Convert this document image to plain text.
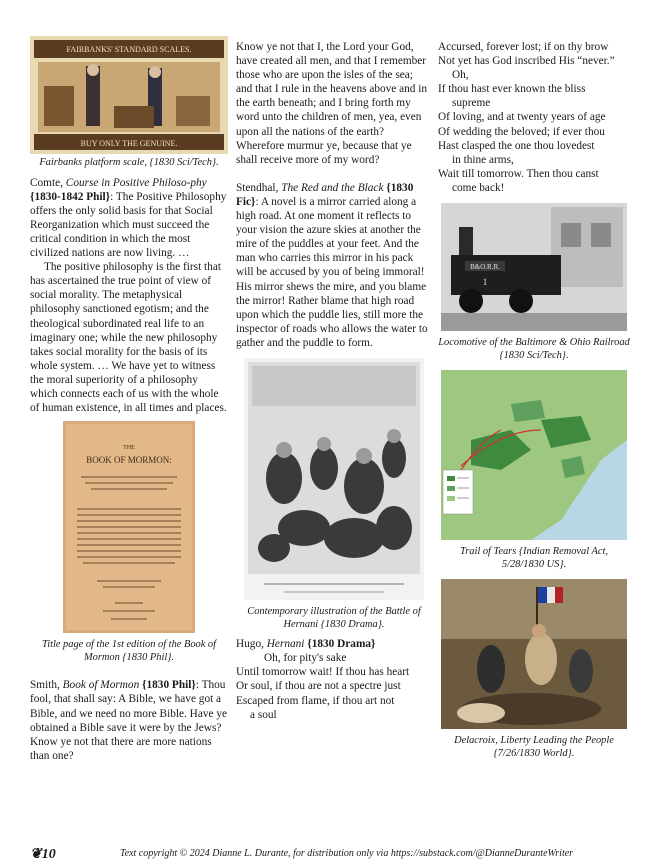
FAIRBANKS' STANDARD SCALES.
BUY ONLY THE GENUINE.

Fairbanks platform scale, {1830 Sci/Tech}.

Comte, Course in Positive Philoso-phy {1830-1842 Phil}: The Positive Philosophy offers the only solid basis for that Social Reorganization which must succeed the critical condition in which the most civilized nations are now living. …

The positive philosophy is the first that has ascertained the true point of view of social morality. The metaphysical philosophy sanctioned egotism; and the theological subordinated real life to an imaginary one; while the new philosophy takes social morality for the basis of its whole system. … We have yet to witness the moral superiority of a philosophy which connects each of us with the whole of human existence, in all times and places.

THE
BOOK OF MORMON:

Title page of the 1st edition of the Book of Mormon {1830 Phil}.

Smith, Book of Mormon {1830 Phil}: Thou fool, that shall say: A Bible, we have got a Bible, and we need no more Bible. Have ye obtained a Bible save it were by the Jews? Know ye not that there are more nations than one?

Know ye not that I, the Lord your God, have created all men, and that I remember those who are upon the isles of the sea; and that I rule in the heavens above and in the earth beneath; and I bring forth my word unto the children of men, yea, even upon all the nations of the earth? Wherefore murmur ye, because that ye shall receive more of my word?

Stendhal, The Red and the Black {1830 Fic}: A novel is a mirror carried along a high road. At one moment it reflects to your vision the azure skies at another the mire of the puddles at your feet. And the man who carries this mirror in his pack will be accused by you of being immoral! His mirror shews the mire, and you blame the mirror! Rather blame that high road upon which the puddle lies, still more the inspector of roads who allows the water to gather and the puddle to form.

Contemporary illustration of the Battle of Hernani {1830 Drama}.

Hugo, Hernani {1830 Drama}

Oh, for pity's sake

Until tomorrow wait! If thou has heart

Or soul, if thou are not a spectre just

Escaped from flame, if thou art not

a soul

Accursed, forever lost; if on thy brow

Not yet has God inscribed His “never.”

Oh,

If thou hast ever known the bliss

supreme

Of loving, and at twenty years of age

Of wedding the beloved; if ever thou

Hast clasped the one thou lovedest

in thine arms,

Wait till tomorrow. Then thou canst

come back!

B&O.R.R.
1

Locomotive of the Baltimore & Ohio Railroad {1830 Sci/Tech}.

Trail of Tears {Indian Removal Act, 5/28/1830 US}.

Delacroix, Liberty Leading the People {7/26/1830 World}.

❦10	Text copyright © 2024 Dianne L. Durante, for distribution only via https://substack.com/@DianneDuranteWriter
